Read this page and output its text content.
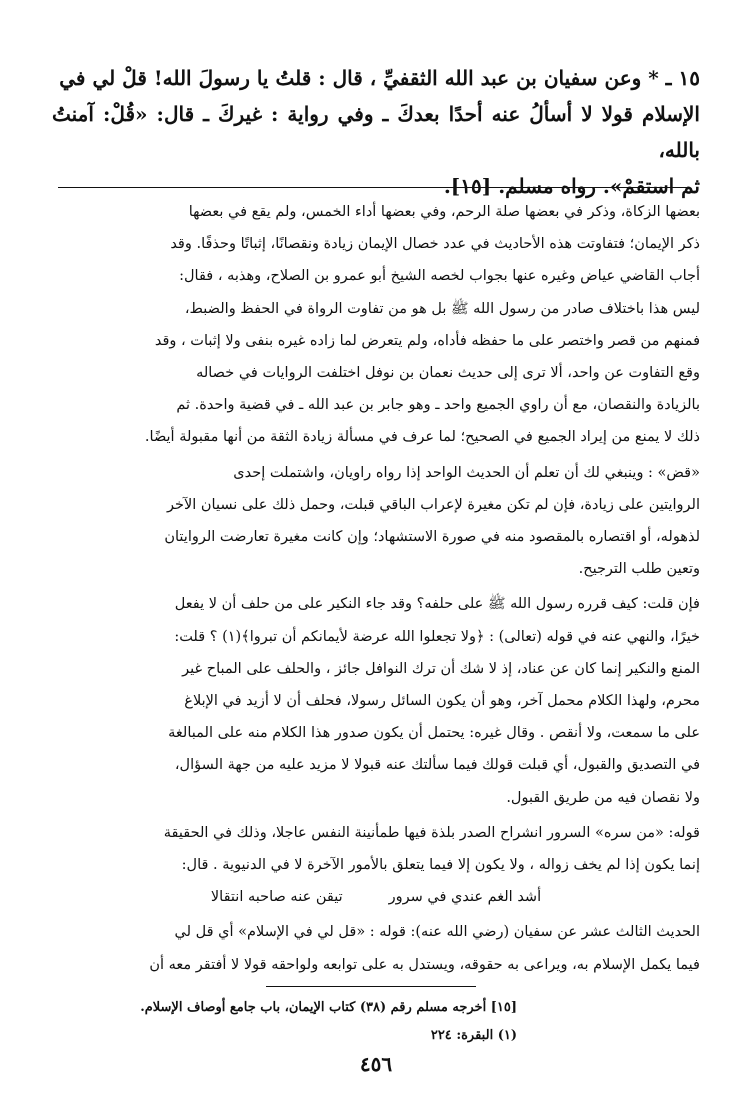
١٥ ـ * وعن سفيان بن عبد الله الثقفيِّ ، قال : قلتُ يا رسولَ الله! قلْ لي في

الإسلام قولا لا أسألُ عنه أحدًا بعدكَ ـ وفي رواية : غيركَ ـ قال: «قُلْ: آمنتُ بالله،

ثم استقمْ». رواه مسلم. [١٥].

بعضها الزكاة، وذكر في بعضها صلة الرحم، وفي بعضها أداء الخمس، ولم يقع في بعضها

ذكر الإيمان؛ فتفاوتت هذه الأحاديث في عدد خصال الإيمان زيادة ونقصانًا، إثباتًا وحذفًا. وقد

أجاب القاضي عياض وغيره عنها بجواب لخصه الشيخ أبو عمرو بن الصلاح، وهذبه ، فقال:

ليس هذا باختلاف صادر من رسول الله ﷺ بل هو من تفاوت الرواة في الحفظ والضبط،

فمنهم من قصر واختصر على ما حفظه فأداه، ولم يتعرض لما زاده غيره بنفى ولا إثبات ، وقد

وقع التفاوت عن واحد، ألا ترى إلى حديث نعمان بن نوفل اختلفت الروايات في خصاله

بالزيادة والنقصان، مع أن راوي الجميع واحد ـ وهو جابر بن عبد الله ـ في قضية واحدة. ثم

ذلك لا يمنع من إيراد الجميع في الصحيح؛ لما عرف في مسألة زيادة الثقة من أنها مقبولة أيضًا.

«قض» : وينبغي لك أن تعلم أن الحديث الواحد إذا رواه راويان، واشتملت إحدى

الروايتين على زيادة، فإن لم تكن مغيرة لإعراب الباقي قبلت، وحمل ذلك على نسيان الآخر

لذهوله، أو اقتصاره بالمقصود منه في صورة الاستشهاد؛ وإن كانت مغيرة تعارضت الروايتان

وتعين طلب الترجيح.

فإن قلت: كيف قرره رسول الله ﷺ على حلفه؟ وقد جاء النكير على من حلف أن لا يفعل

خيرًا، والنهي عنه في قوله (تعالى) : ﴿ولا تجعلوا الله عرضة لأيمانكم أن تبروا﴾(١) ؟ قلت:

المنع والنكير إنما كان عن عناد، إذ لا شك أن ترك النوافل جائز ، والحلف على المباح غير

محرم، ولهذا الكلام محمل آخر، وهو أن يكون السائل رسولا، فحلف أن لا أزيد في الإبلاغ

على ما سمعت، ولا أنقص . وقال غيره: يحتمل أن يكون صدور هذا الكلام منه على المبالغة

في التصديق والقبول، أي قبلت قولك فيما سألتك عنه قبولا لا مزيد عليه من جهة السؤال،

ولا نقصان فيه من طريق القبول.

قوله: «من سره» السرور انشراح الصدر بلذة فيها طمأنينة النفس عاجلا، وذلك في الحقيقة

إنما يكون إذا لم يخف زواله ، ولا يكون إلا فيما يتعلق بالأمور الآخرة لا في الدنيوية . قال:

أشد الغم عندي في سرور
تيقن عنه صاحبه انتقالا

الحديث الثالث عشر عن سفيان (رضي الله عنه): قوله : «قل لي في الإسلام» أي قل لي

فيما يكمل الإسلام به، ويراعى به حقوقه، ويستدل به على توابعه ولواحقه قولا لا أفتقر معه أن

[١٥] أخرجه مسلم رقم (٣٨) كتاب الإيمان، باب جامع أوصاف الإسلام.

(١) البقرة: ٢٢٤

٤٥٦
